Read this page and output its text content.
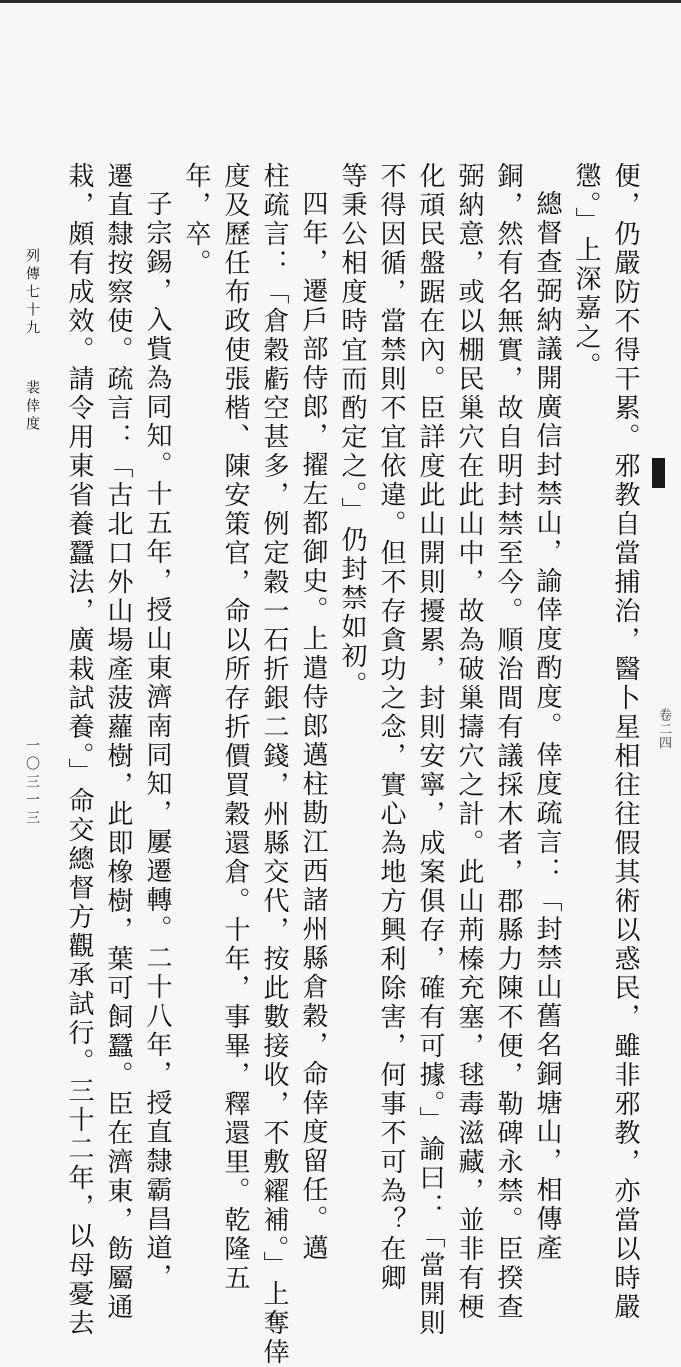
卷二四
便，仍嚴防不得干累。邪教自當捕治，醫卜星相往往假其術以惑民，雖非邪教，亦當以時嚴
懲。」上深嘉之。
總督查弼納議開廣信封禁山，諭倖度酌度。倖度疏言：「封禁山舊名銅塘山，相傳產
銅，然有名無實，故自明封禁至今。順治間有議採木者，郡縣力陳不便，勒碑永禁。臣揆查
弼納意，或以棚民巢穴在此山中，故為破巢擣穴之計。此山荊榛充塞，毬毒滋藏，並非有梗
化頑民盤踞在內。臣詳度此山開則擾累，封則安寧，成案俱存，確有可據。」諭曰：「當開則
不得因循，當禁則不宜依違。但不存貪功之念，實心為地方興利除害，何事不可為？在卿
等秉公相度時宜而酌定之。」仍封禁如初。
四年，遷戶部侍郎，擢左都御史。上遣侍郎邁柱勘江西諸州縣倉穀，命倖度留任。邁
柱疏言：「倉穀虧空甚多，例定穀一石折銀二錢，州縣交代，按此數接收，不敷糴補。」上奪倖
度及歷任布政使張楷、陳安策官，命以所存折價買穀還倉。十年，事畢，釋還里。乾隆五
年，卒。
子宗錫，入貲為同知。十五年，授山東濟南同知，屢遷轉。二十八年，授直隸霸昌道，
遷直隸按察使。疏言：「古北口外山場產菠蘿樹，此即橡樹，葉可飼蠶。臣在濟東，飭屬通
栽，頗有成效。請令用東省養蠶法，廣栽試養。」命交總督方觀承試行。三十二年，以母憂去
列傳七十九
裴倖度
一〇三一三
